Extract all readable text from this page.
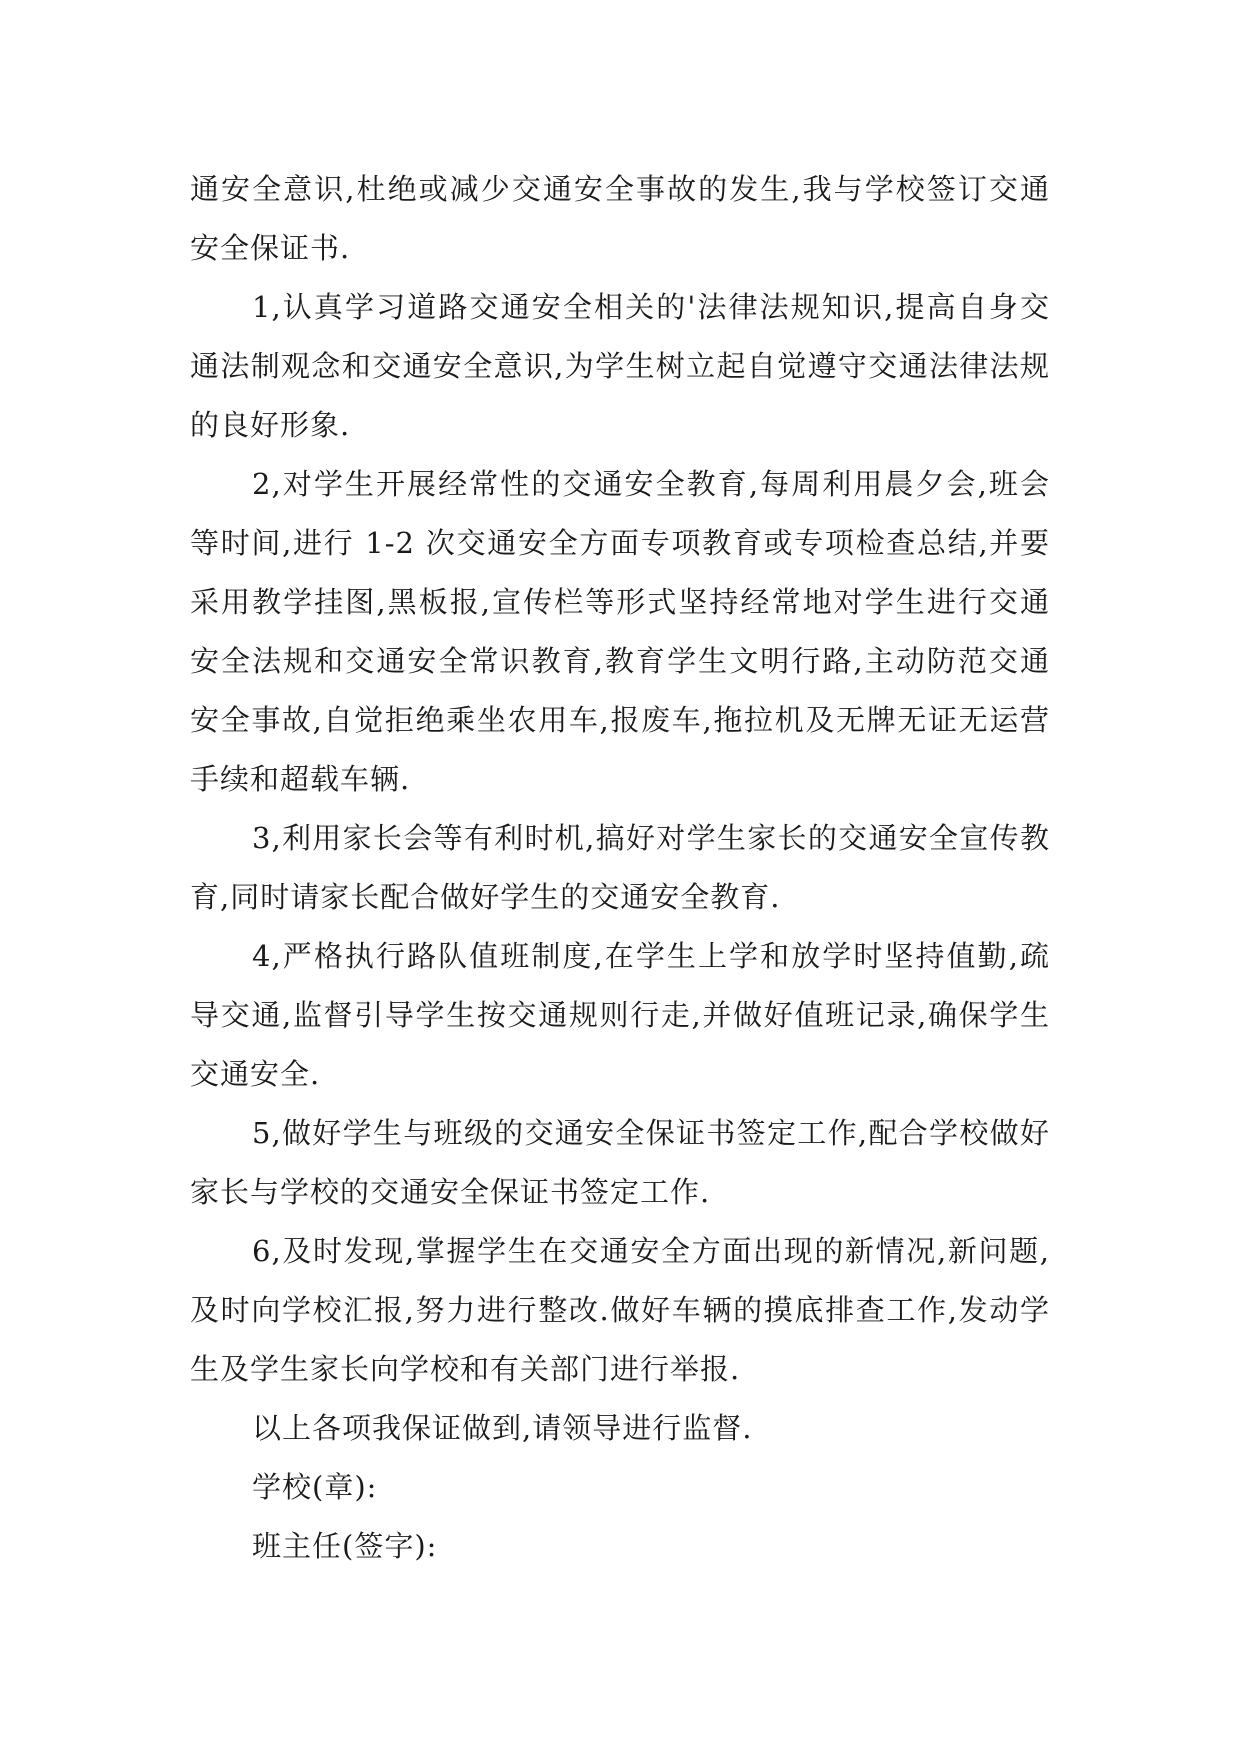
通安全意识,杜绝或减少交通安全事故的发生,我与学校签订交通安全保证书.

1,认真学习道路交通安全相关的'法律法规知识,提高自身交通法制观念和交通安全意识,为学生树立起自觉遵守交通法律法规的良好形象.

2,对学生开展经常性的交通安全教育,每周利用晨夕会,班会等时间,进行 1-2 次交通安全方面专项教育或专项检查总结,并要采用教学挂图,黑板报,宣传栏等形式坚持经常地对学生进行交通安全法规和交通安全常识教育,教育学生文明行路,主动防范交通安全事故,自觉拒绝乘坐农用车,报废车,拖拉机及无牌无证无运营手续和超载车辆.

3,利用家长会等有利时机,搞好对学生家长的交通安全宣传教育,同时请家长配合做好学生的交通安全教育.

4,严格执行路队值班制度,在学生上学和放学时坚持值勤,疏导交通,监督引导学生按交通规则行走,并做好值班记录,确保学生交通安全.

5,做好学生与班级的交通安全保证书签定工作,配合学校做好家长与学校的交通安全保证书签定工作.

6,及时发现,掌握学生在交通安全方面出现的新情况,新问题,及时向学校汇报,努力进行整改.做好车辆的摸底排查工作,发动学生及学生家长向学校和有关部门进行举报.

以上各项我保证做到,请领导进行监督.

学校(章):

班主任(签字):
